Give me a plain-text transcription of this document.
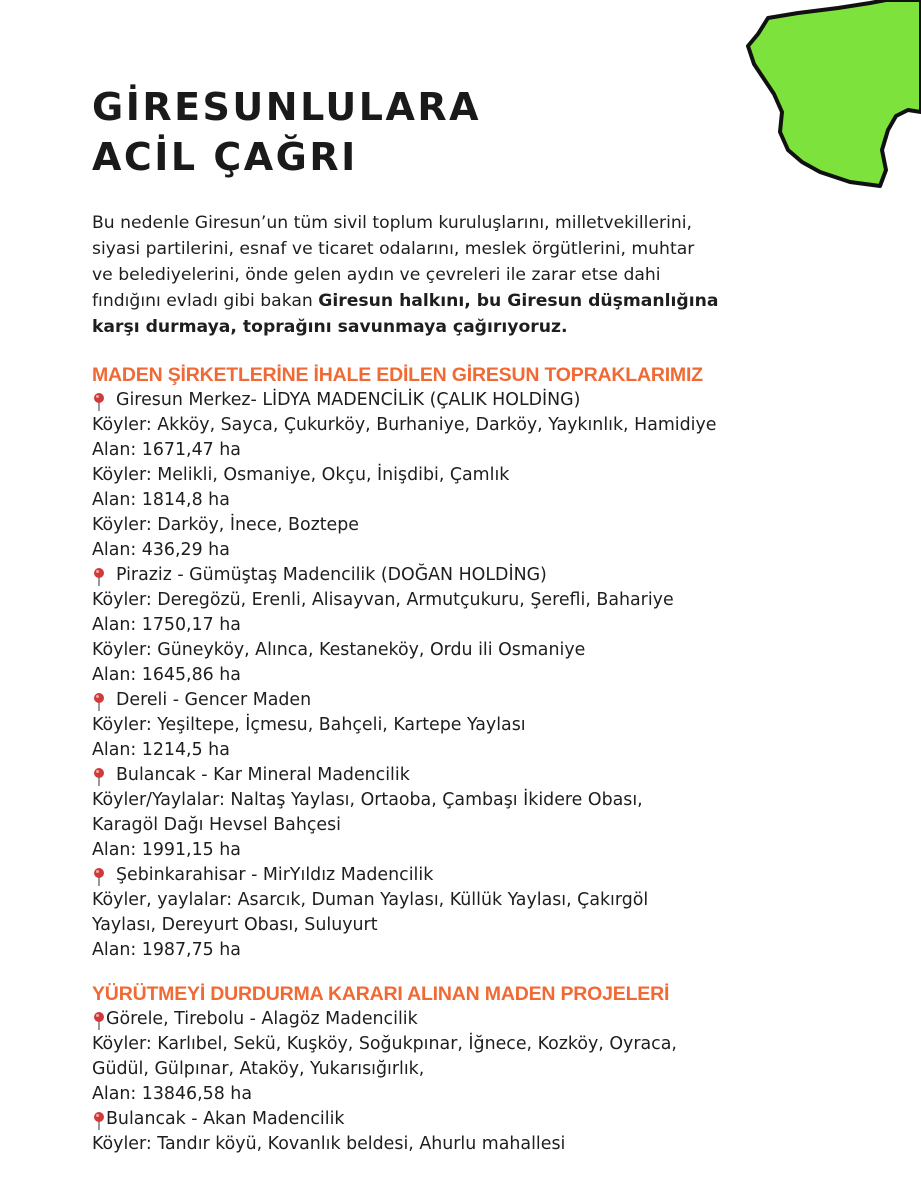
GİRESUNLULARA
ACİL ÇAĞRI

Bu nedenle Giresun’un tüm sivil toplum kuruluşlarını, milletvekillerini,
siyasi partilerini, esnaf ve ticaret odalarını, meslek örgütlerini, muhtar
ve belediyelerini, önde gelen aydın ve çevreleri ile zarar etse dahi
fındığını evladı gibi bakan Giresun halkını, bu Giresun düşmanlığına
karşı durmaya, toprağını savunmaya çağırıyoruz.

MADEN ŞİRKETLERİNE İHALE EDİLEN GİRESUN TOPRAKLARIMIZ
Giresun Merkez- LİDYA MADENCİLİK (ÇALIK HOLDİNG)
Köyler: Akköy, Sayca, Çukurköy, Burhaniye, Darköy, Yaykınlık, Hamidiye
Alan: 1671,47 ha
Köyler: Melikli, Osmaniye, Okçu, İnişdibi, Çamlık
Alan: 1814,8 ha
Köyler: Darköy, İnece, Boztepe
Alan: 436,29 ha
Piraziz - Gümüştaş Madencilik (DOĞAN HOLDİNG)
Köyler: Deregözü, Erenli, Alisayvan, Armutçukuru, Şerefli, Bahariye
Alan: 1750,17 ha
Köyler: Güneyköy, Alınca, Kestaneköy, Ordu ili Osmaniye
Alan: 1645,86 ha
Dereli - Gencer Maden
Köyler: Yeşiltepe, İçmesu, Bahçeli, Kartepe Yaylası
Alan: 1214,5 ha
Bulancak - Kar Mineral Madencilik
Köyler/Yaylalar: Naltaş Yaylası, Ortaoba, Çambaşı İkidere Obası,
Karagöl Dağı Hevsel Bahçesi
Alan: 1991,15 ha
Şebinkarahisar - MirYıldız Madencilik
Köyler, yaylalar: Asarcık, Duman Yaylası, Küllük Yaylası, Çakırgöl
Yaylası, Dereyurt Obası, Suluyurt
Alan: 1987,75 ha
YÜRÜTMEYİ DURDURMA KARARI ALINAN MADEN PROJELERİ
Görele, Tirebolu - Alagöz Madencilik
Köyler: Karlıbel, Sekü, Kuşköy, Soğukpınar, İğnece, Kozköy, Oyraca,
Güdül, Gülpınar, Ataköy, Yukarısığırlık,
Alan: 13846,58 ha
Bulancak - Akan Madencilik
Köyler: Tandır köyü, Kovanlık beldesi, Ahurlu mahallesi
